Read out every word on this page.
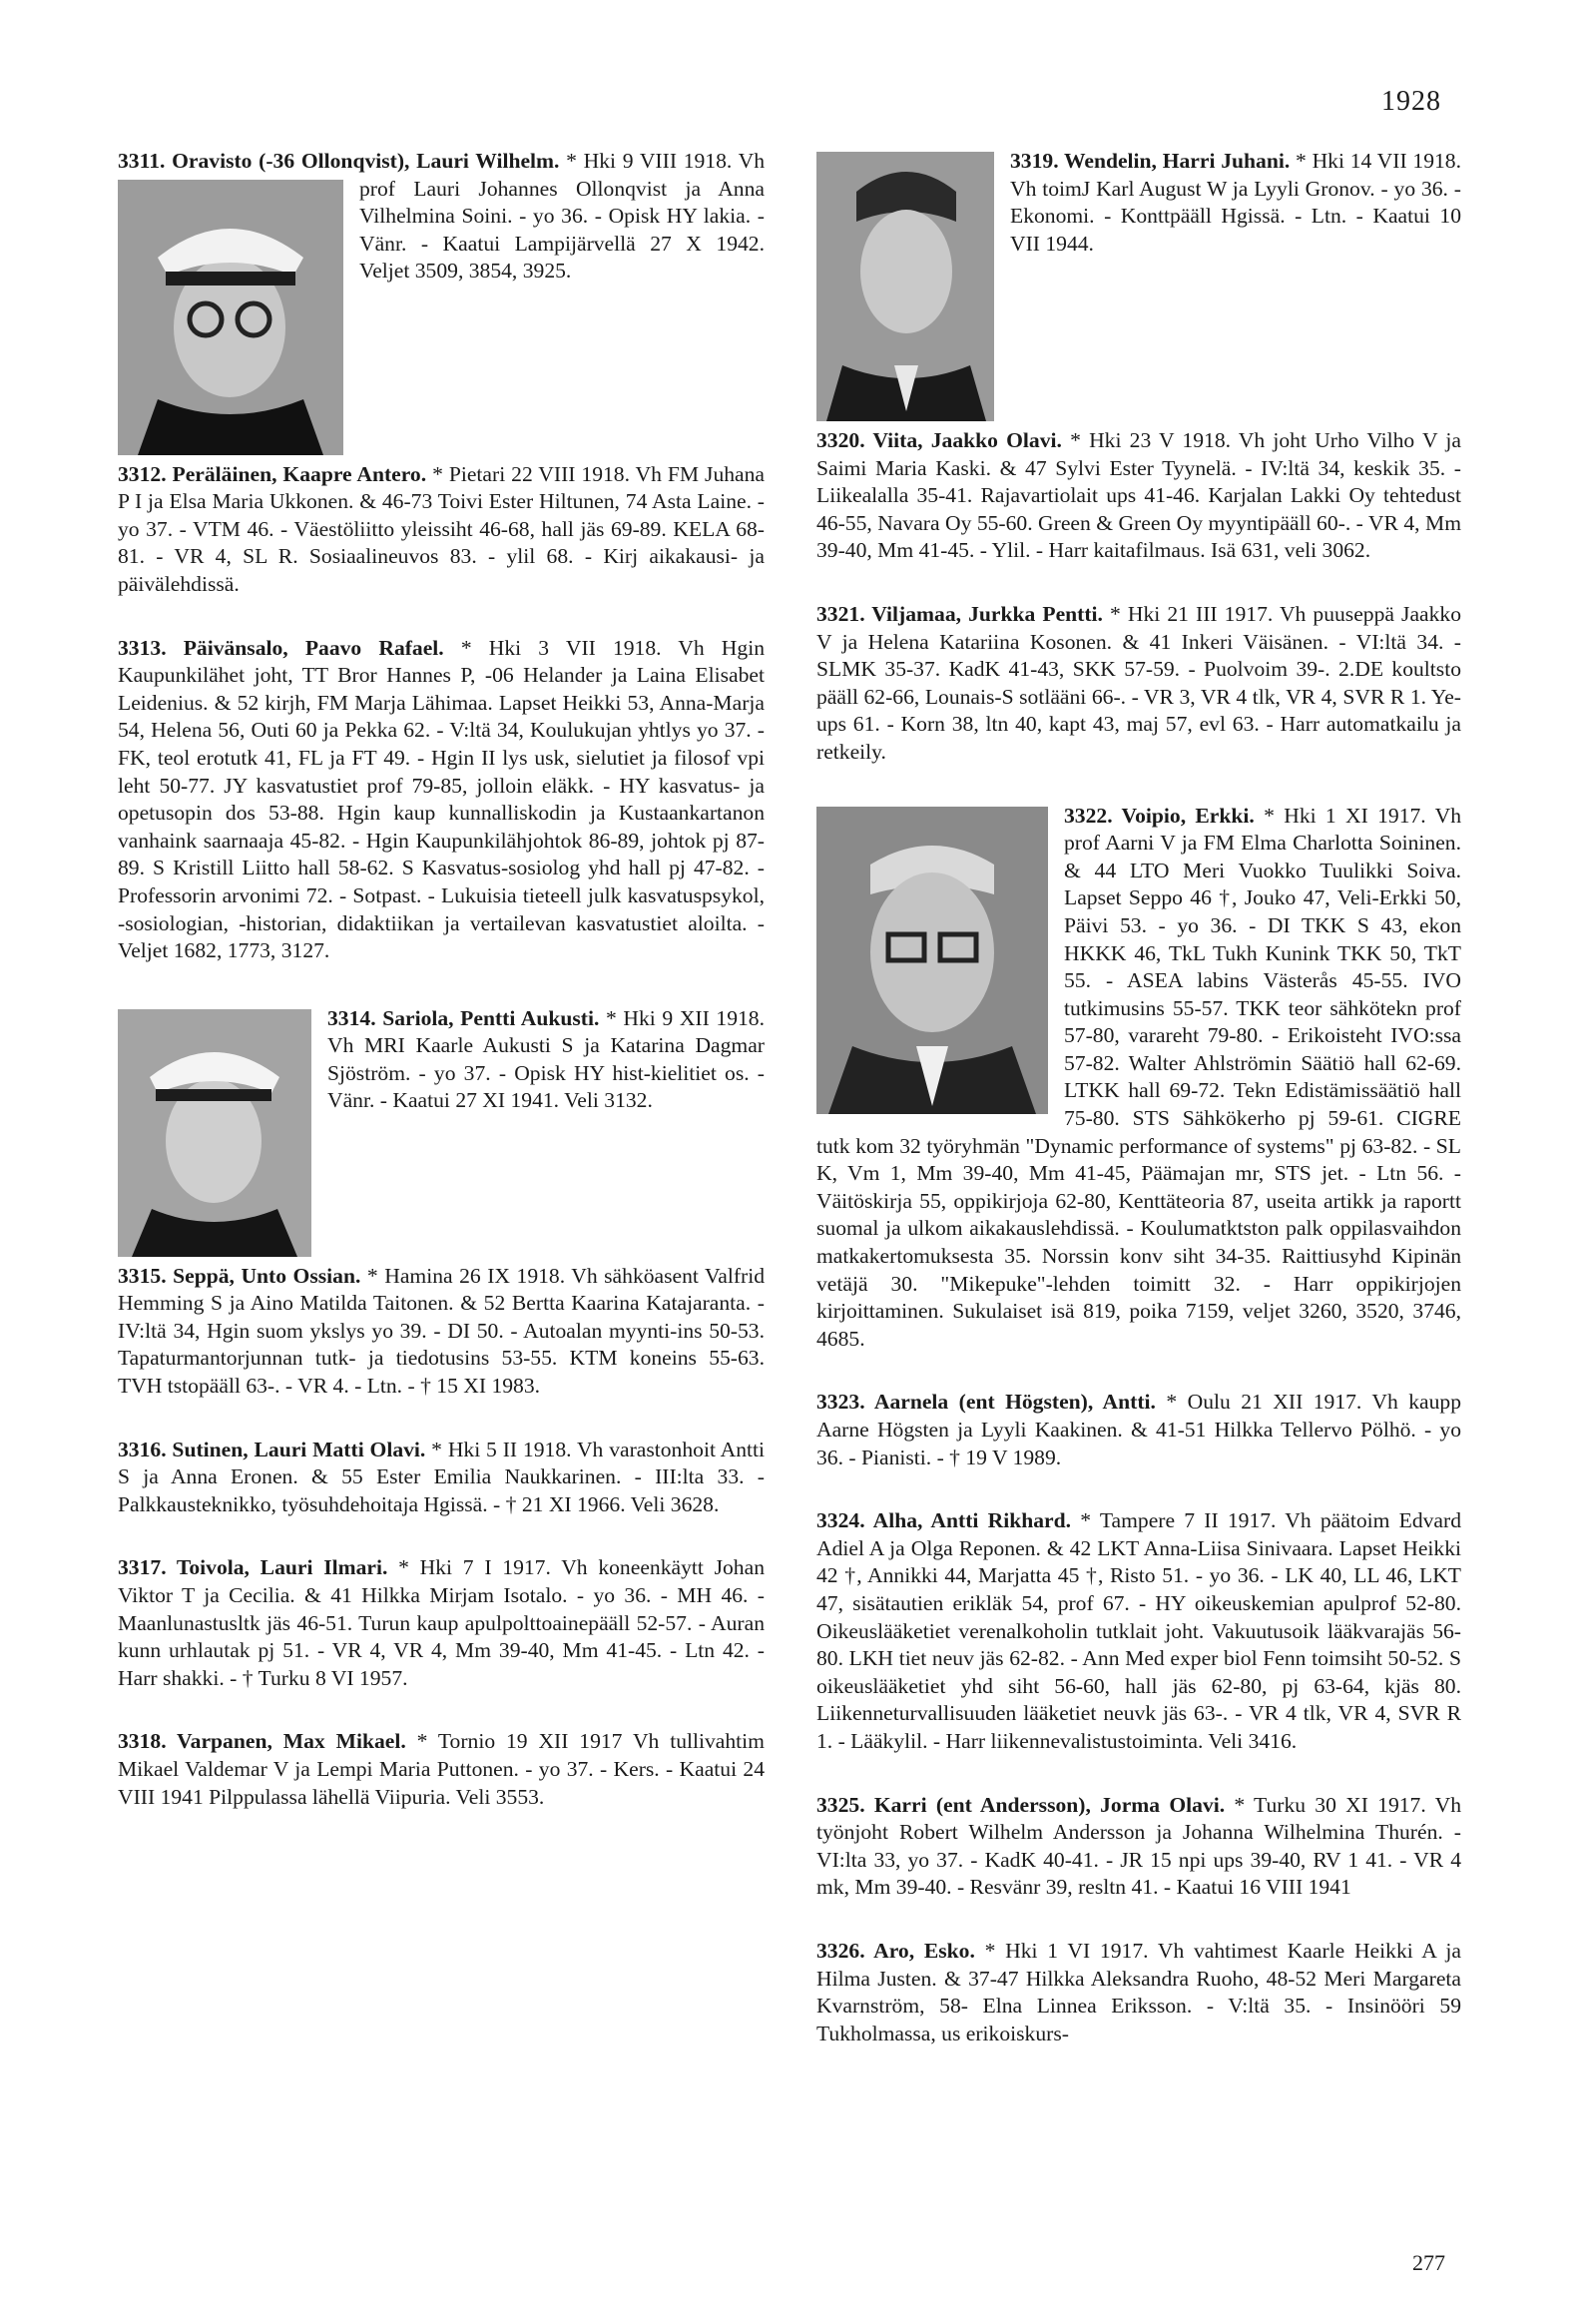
1928

3311. Oravisto (-36 Ollonqvist), Lauri Wilhelm.
* Hki 9 VIII 1918. Vh prof Lauri Johannes Ollonqvist ja Anna Vilhelmina Soini. - yo 36. - Opisk HY lakia. - Vänr. - Kaatui Lampijärvellä 27 X 1942. Veljet 3509, 3854, 3925.

3312. Peräläinen, Kaapre Antero. * Pietari 22 VIII 1918. Vh FM Juhana P I ja Elsa Maria Ukkonen. & 46-73 Toivi Ester Hiltunen, 74 Asta Laine. - yo 37. - VTM 46. - Väestöliitto yleissiht 46-68, hall jäs 69-89. KELA 68-81. - VR 4, SL R. Sosiaalineuvos 83. - ylil 68. - Kirj aikakausi- ja päivälehdissä.

3313. Päivänsalo, Paavo Rafael. * Hki 3 VII 1918. Vh Hgin Kaupunkilähet joht, TT Bror Hannes P, -06 Helander ja Laina Elisabet Leidenius. & 52 kirjh, FM Marja Lähimaa. Lapset Heikki 53, Anna-Marja 54, Helena 56, Outi 60 ja Pekka 62. - V:ltä 34, Koulukujan yhtlys yo 37. - FK, teol erotutk 41, FL ja FT 49. - Hgin II lys usk, sielutiet ja filosof vpi leht 50-77. JY kasvatustiet prof 79-85, jolloin eläkk. - HY kasvatus- ja opetusopin dos 53-88. Hgin kaup kunnalliskodin ja Kustaankartanon vanhaink saarnaaja 45-82. - Hgin Kaupunkilähjohtok 86-89, johtok pj 87-89. S Kristill Liitto hall 58-62. S Kasvatus-sosiolog yhd hall pj 47-82. - Professorin arvonimi 72. - Sotpast. - Lukuisia tieteell julk kasvatuspsykol, -sosiologian, -historian, didaktiikan ja vertailevan kasvatustiet aloilta. - Veljet 1682, 1773, 3127.

3314. Sariola, Pentti Aukusti.
* Hki 9 XII 1918. Vh MRI Kaarle Aukusti S ja Katarina Dagmar Sjöström. - yo 37. - Opisk HY hist-kielitiet os. - Vänr. - Kaatui 27 XI 1941. Veli 3132.

3315. Seppä, Unto Ossian. * Hamina 26 IX 1918. Vh sähköasent Valfrid Hemming S ja Aino Matilda Taitonen. & 52 Bertta Kaarina Katajaranta. - IV:ltä 34, Hgin suom ykslys yo 39. - DI 50. - Autoalan myynti-ins 50-53. Tapaturmantorjunnan tutk- ja tiedotusins 53-55. KTM koneins 55-63. TVH tstopääll 63-. - VR 4. - Ltn. - † 15 XI 1983.

3316. Sutinen, Lauri Matti Olavi. * Hki 5 II 1918. Vh varastonhoit Antti S ja Anna Eronen. & 55 Ester Emilia Naukkarinen. - III:lta 33. - Palkkausteknikko, työsuhdehoitaja Hgissä. - † 21 XI 1966. Veli 3628.

3317. Toivola, Lauri Ilmari. * Hki 7 I 1917. Vh koneenkäytt Johan Viktor T ja Cecilia. & 41 Hilkka Mirjam Isotalo. - yo 36. - MH 46. - Maanlunastusltk jäs 46-51. Turun kaup apulpolttoainepääll 52-57. - Auran kunn urhlautak pj 51. - VR 4, VR 4, Mm 39-40, Mm 41-45. - Ltn 42. - Harr shakki. - † Turku 8 VI 1957.

3318. Varpanen, Max Mikael. * Tornio 19 XII 1917 Vh tullivahtim Mikael Valdemar V ja Lempi Maria Puttonen. - yo 37. - Kers. - Kaatui 24 VIII 1941 Pilppulassa lähellä Viipuria. Veli 3553.

3319. Wendelin, Harri Juhani.
* Hki 14 VII 1918. Vh toimJ Karl August W ja Lyyli Gronov. - yo 36. - Ekonomi. - Konttpääll Hgissä. - Ltn. - Kaatui 10 VII 1944.

3320. Viita, Jaakko Olavi. * Hki 23 V 1918. Vh joht Urho Vilho V ja Saimi Maria Kaski. & 47 Sylvi Ester Tyynelä. - IV:ltä 34, keskik 35. - Liikealalla 35-41. Rajavartiolait ups 41-46. Karjalan Lakki Oy tehtedust 46-55, Navara Oy 55-60. Green & Green Oy myyntipääll 60-. - VR 4, Mm 39-40, Mm 41-45. - Ylil. - Harr kaitafilmaus. Isä 631, veli 3062.

3321. Viljamaa, Jurkka Pentti. * Hki 21 III 1917. Vh puuseppä Jaakko V ja Helena Katariina Kosonen. & 41 Inkeri Väisänen. - VI:ltä 34. - SLMK 35-37. KadK 41-43, SKK 57-59. - Puolvoim 39-. 2.DE koultsto pääll 62-66, Lounais-S sotlääni 66-. - VR 3, VR 4 tlk, VR 4, SVR R 1. Ye-ups 61. - Korn 38, ltn 40, kapt 43, maj 57, evl 63. - Harr automatkailu ja retkeily.

3322. Voipio, Erkki.
* Hki 1 XI 1917. Vh prof Aarni V ja FM Elma Charlotta Soininen. & 44 LTO Meri Vuokko Tuulikki Soiva. Lapset Seppo 46 †, Jouko 47, Veli-Erkki 50, Päivi 53. - yo 36. - DI TKK S 43, ekon HKKK 46, TkL Tukh Kunink TKK 50, TkT 55. - ASEA labins Västerås 45-55. IVO tutkimusins 55-57. TKK teor sähkötekn prof 57-80, varareht 79-80. - Erikoisteht IVO:ssa 57-82. Walter Ahlströmin Säätiö hall 62-69. LTKK hall 69-72. Tekn Edistämissäätiö hall 75-80. STS Sähkökerho pj 59-61. CIGRE tutk kom 32 työryhmän "Dynamic performance of systems" pj 63-82. - SL K, Vm 1, Mm 39-40, Mm 41-45, Päämajan mr, STS jet. - Ltn 56. - Väitöskirja 55, oppikirjoja 62-80, Kenttäteoria 87, useita artikk ja raportt suomal ja ulkom aikakauslehdissä. - Koulumatktston palk oppilasvaihdon matkakertomuksesta 35. Norssin konv siht 34-35. Raittiusyhd Kipinän vetäjä 30. "Mikepuke"-lehden toimitt 32. - Harr oppikirjojen kirjoittaminen. Sukulaiset isä 819, poika 7159, veljet 3260, 3520, 3746, 4685.

3323. Aarnela (ent Högsten), Antti. * Oulu 21 XII 1917. Vh kaupp Aarne Högsten ja Lyyli Kaakinen. & 41-51 Hilkka Tellervo Pölhö. - yo 36. - Pianisti. - † 19 V 1989.

3324. Alha, Antti Rikhard. * Tampere 7 II 1917. Vh päätoim Edvard Adiel A ja Olga Reponen. & 42 LKT Anna-Liisa Sinivaara. Lapset Heikki 42 †, Annikki 44, Marjatta 45 †, Risto 51. - yo 36. - LK 40, LL 46, LKT 47, sisätautien erikläk 54, prof 67. - HY oikeuskemian apulprof 52-80. Oikeuslääketiet verenalkoholin tutklait joht. Vakuutusoik lääkvarajäs 56-80. LKH tiet neuv jäs 62-82. - Ann Med exper biol Fenn toimsiht 50-52. S oikeuslääketiet yhd siht 56-60, hall jäs 62-80, pj 63-64, kjäs 80. Liikenneturvallisuuden lääketiet neuvk jäs 63-. - VR 4 tlk, VR 4, SVR R 1. - Lääkylil. - Harr liikennevalistustoiminta. Veli 3416.

3325. Karri (ent Andersson), Jorma Olavi. * Turku 30 XI 1917. Vh työnjoht Robert Wilhelm Andersson ja Johanna Wilhelmina Thurén. - VI:lta 33, yo 37. - KadK 40-41. - JR 15 npi ups 39-40, RV 1 41. - VR 4 mk, Mm 39-40. - Resvänr 39, resltn 41. - Kaatui 16 VIII 1941

3326. Aro, Esko. * Hki 1 VI 1917. Vh vahtimest Kaarle Heikki A ja Hilma Justen. & 37-47 Hilkka Aleksandra Ruoho, 48-52 Meri Margareta Kvarnström, 58- Elna Linnea Eriksson. - V:ltä 35. - Insinööri 59 Tukholmassa, us erikoiskurs-

277
